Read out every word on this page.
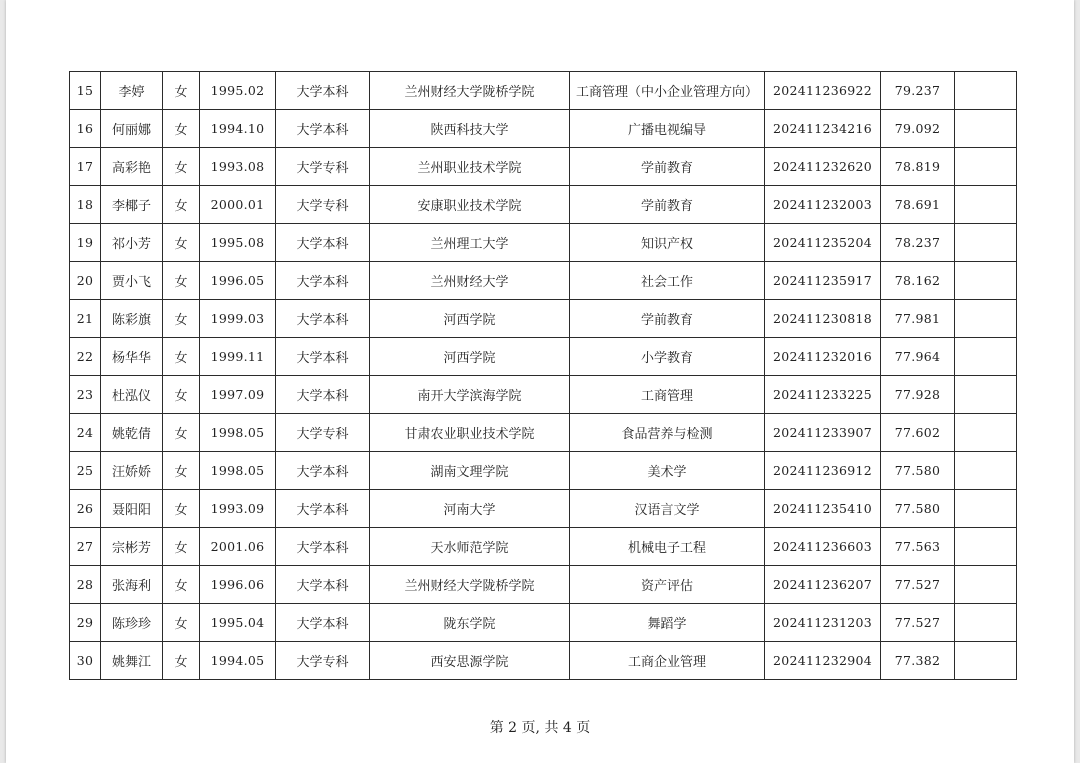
15	李婷	女	1995.02	大学本科	兰州财经大学陇桥学院	工商管理（中小企业管理方向）	202411236922	79.237	
16	何丽娜	女	1994.10	大学本科	陕西科技大学	广播电视编导	202411234216	79.092	
17	高彩艳	女	1993.08	大学专科	兰州职业技术学院	学前教育	202411232620	78.819	
18	李椰子	女	2000.01	大学专科	安康职业技术学院	学前教育	202411232003	78.691	
19	祁小芳	女	1995.08	大学本科	兰州理工大学	知识产权	202411235204	78.237	
20	贾小飞	女	1996.05	大学本科	兰州财经大学	社会工作	202411235917	78.162	
21	陈彩旗	女	1999.03	大学本科	河西学院	学前教育	202411230818	77.981	
22	杨华华	女	1999.11	大学本科	河西学院	小学教育	202411232016	77.964	
23	杜泓仪	女	1997.09	大学本科	南开大学滨海学院	工商管理	202411233225	77.928	
24	姚乾倩	女	1998.05	大学专科	甘肃农业职业技术学院	食品营养与检测	202411233907	77.602	
25	汪娇娇	女	1998.05	大学本科	湖南文理学院	美术学	202411236912	77.580	
26	聂阳阳	女	1993.09	大学本科	河南大学	汉语言文学	202411235410	77.580	
27	宗彬芳	女	2001.06	大学本科	天水师范学院	机械电子工程	202411236603	77.563	
28	张海利	女	1996.06	大学本科	兰州财经大学陇桥学院	资产评估	202411236207	77.527	
29	陈珍珍	女	1995.04	大学本科	陇东学院	舞蹈学	202411231203	77.527	
30	姚舞江	女	1994.05	大学专科	西安思源学院	工商企业管理	202411232904	77.382	
第 2 页, 共 4 页
